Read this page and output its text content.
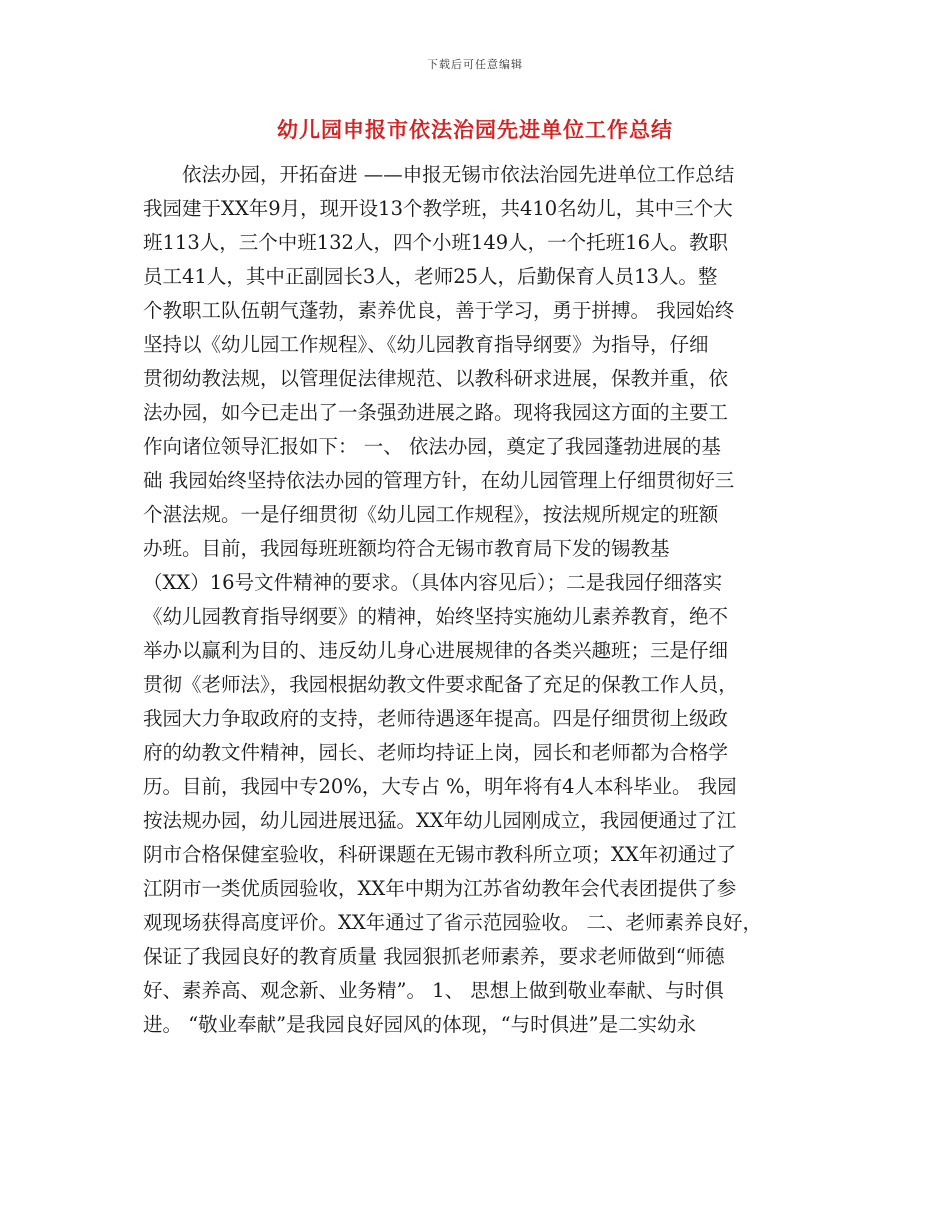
下载后可任意编辑
幼儿园申报市依法治园先进单位工作总结
　　依法办园，开拓奋进 ——申报无锡市依法治园先进单位工作总结
我园建于XX年9月，现开设13个教学班，共410名幼儿，其中三个大
班113人，三个中班132人，四个小班149人，一个托班16人。教职
员工41人，其中正副园长3人，老师25人，后勤保育人员13人。整
个教职工队伍朝气蓬勃，素养优良，善于学习，勇于拼搏。 我园始终
坚持以《幼儿园工作规程》、《幼儿园教育指导纲要》为指导，仔细
贯彻幼教法规，以管理促法律规范、以教科研求进展，保教并重，依
法办园，如今已走出了一条强劲进展之路。现将我园这方面的主要工
作向诸位领导汇报如下： 一、 依法办园，奠定了我园蓬勃进展的基
础 我园始终坚持依法办园的管理方针，在幼儿园管理上仔细贯彻好三
个湛法规。一是仔细贯彻《幼儿园工作规程》，按法规所规定的班额
办班。目前，我园每班班额均符合无锡市教育局下发的锡教基
（XX）16号文件精神的要求。（具体内容见后）；二是我园仔细落实
《幼儿园教育指导纲要》的精神，始终坚持实施幼儿素养教育，绝不
举办以赢利为目的、违反幼儿身心进展规律的各类兴趣班；三是仔细
贯彻《老师法》，我园根据幼教文件要求配备了充足的保教工作人员，
我园大力争取政府的支持，老师待遇逐年提高。四是仔细贯彻上级政
府的幼教文件精神，园长、老师均持证上岗，园长和老师都为合格学
历。目前，我园中专20%，大专占 %，明年将有4人本科毕业。 我园
按法规办园，幼儿园进展迅猛。XX年幼儿园刚成立，我园便通过了江
阴市合格保健室验收，科研课题在无锡市教科所立项；XX年初通过了
江阴市一类优质园验收，XX年中期为江苏省幼教年会代表团提供了参
观现场获得高度评价。XX年通过了省示范园验收。 二、老师素养良好，
保证了我园良好的教育质量 我园狠抓老师素养，要求老师做到“师德
好、素养高、观念新、业务精”。 1、 思想上做到敬业奉献、与时俱
进。 “敬业奉献”是我园良好园风的体现，“与时俱进”是二实幼永
